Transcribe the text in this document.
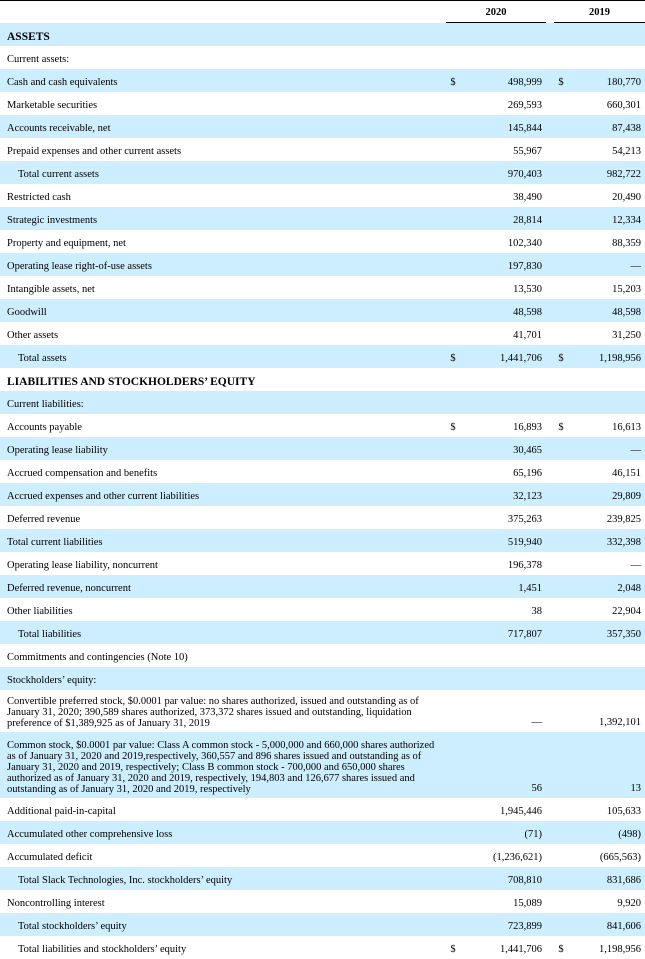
	2020			2019	
ASSETS					
Current assets:					
Cash and cash equivalents	$	498,999		$	180,770
Marketable securities		269,593			660,301
Accounts receivable, net		145,844			87,438
Prepaid expenses and other current assets		55,967			54,213
Total current assets		970,403			982,722
Restricted cash		38,490			20,490
Strategic investments		28,814			12,334
Property and equipment, net		102,340			88,359
Operating lease right-of-use assets		197,830			—
Intangible assets, net		13,530			15,203
Goodwill		48,598			48,598
Other assets		41,701			31,250
Total assets	$	1,441,706		$	1,198,956
LIABILITIES AND STOCKHOLDERS’ EQUITY					
Current liabilities:					
Accounts payable	$	16,893		$	16,613
Operating lease liability		30,465			—
Accrued compensation and benefits		65,196			46,151
Accrued expenses and other current liabilities		32,123			29,809
Deferred revenue		375,263			239,825
Total current liabilities		519,940			332,398
Operating lease liability, noncurrent		196,378			—
Deferred revenue, noncurrent		1,451			2,048
Other liabilities		38			22,904
Total liabilities		717,807			357,350
Commitments and contingencies (Note 10)					
Stockholders’ equity:					
Convertible preferred stock, $0.0001 par value: no shares authorized, issued and outstanding as of January 31, 2020; 390,589 shares authorized, 373,372 shares issued and outstanding, liquidation preference of $1,389,925 as of January 31, 2019		—			1,392,101
Common stock, $0.0001 par value: Class A common stock - 5,000,000 and 660,000 shares authorized as of January 31, 2020 and 2019,respectively, 360,557 and 896 shares issued and outstanding as of January 31, 2020 and 2019, respectively; Class B common stock - 700,000 and 650,000 shares authorized as of January 31, 2020 and 2019, respectively, 194,803 and 126,677 shares issued and outstanding as of January 31, 2020 and 2019, respectively		56			13
Additional paid-in-capital		1,945,446			105,633
Accumulated other comprehensive loss		(71)			(498)
Accumulated deficit		(1,236,621)			(665,563)
Total Slack Technologies, Inc. stockholders’ equity		708,810			831,686
Noncontrolling interest		15,089			9,920
Total stockholders’ equity		723,899			841,606
Total liabilities and stockholders’ equity	$	1,441,706		$	1,198,956
